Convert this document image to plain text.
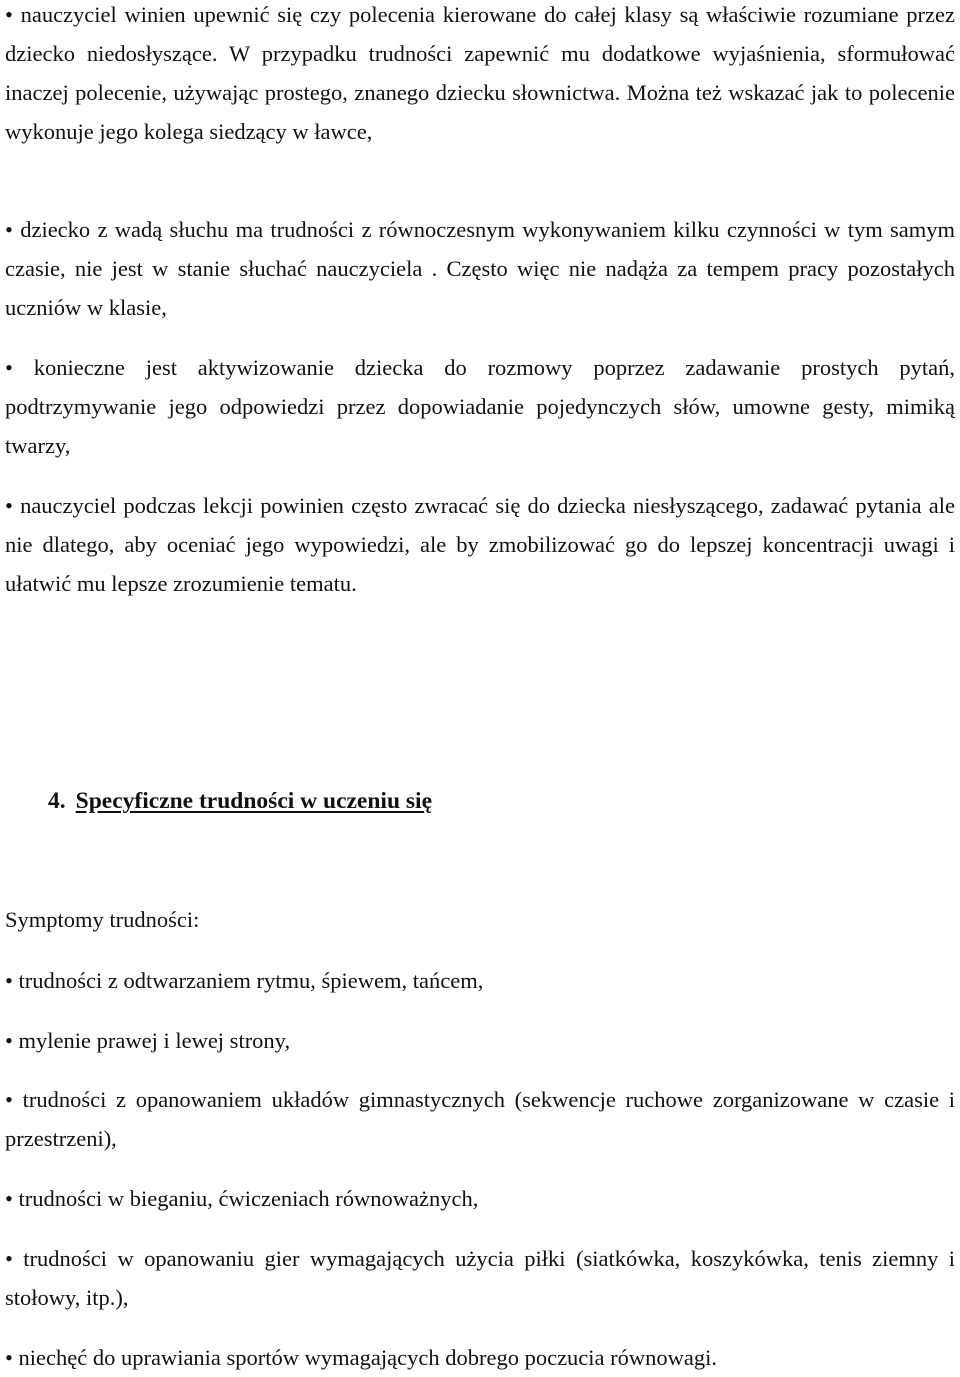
• nauczyciel winien upewnić się czy polecenia kierowane do całej klasy są właściwie rozumiane przez dziecko niedosłyszące. W przypadku trudności zapewnić mu dodatkowe wyjaśnienia, sformułować inaczej polecenie, używając prostego, znanego dziecku słownictwa. Można też wskazać jak to polecenie wykonuje jego kolega siedzący w ławce,

• dziecko z wadą słuchu ma trudności z równoczesnym wykonywaniem kilku czynności w tym samym czasie, nie jest w stanie słuchać nauczyciela . Często więc nie nadąża za tempem pracy pozostałych uczniów w klasie,

• konieczne jest aktywizowanie dziecka do rozmowy poprzez zadawanie prostych pytań, podtrzymywanie jego odpowiedzi przez dopowiadanie pojedynczych słów, umowne gesty, mimiką twarzy,

• nauczyciel podczas lekcji powinien często zwracać się do dziecka niesłyszącego, zadawać pytania ale nie dlatego, aby oceniać jego wypowiedzi, ale by zmobilizować go do lepszej koncentracji uwagi i ułatwić mu lepsze zrozumienie tematu.

4. Specyficzne trudności w uczeniu się

Symptomy trudności:

• trudności z odtwarzaniem rytmu, śpiewem, tańcem,

• mylenie prawej i lewej strony,

• trudności z opanowaniem układów gimnastycznych (sekwencje ruchowe zorganizowane w czasie i przestrzeni),

• trudności w bieganiu, ćwiczeniach równoważnych,

• trudności w opanowaniu gier wymagających użycia piłki (siatkówka, koszykówka, tenis ziemny i stołowy, itp.),

• niechęć do uprawiania sportów wymagających dobrego poczucia równowagi.
